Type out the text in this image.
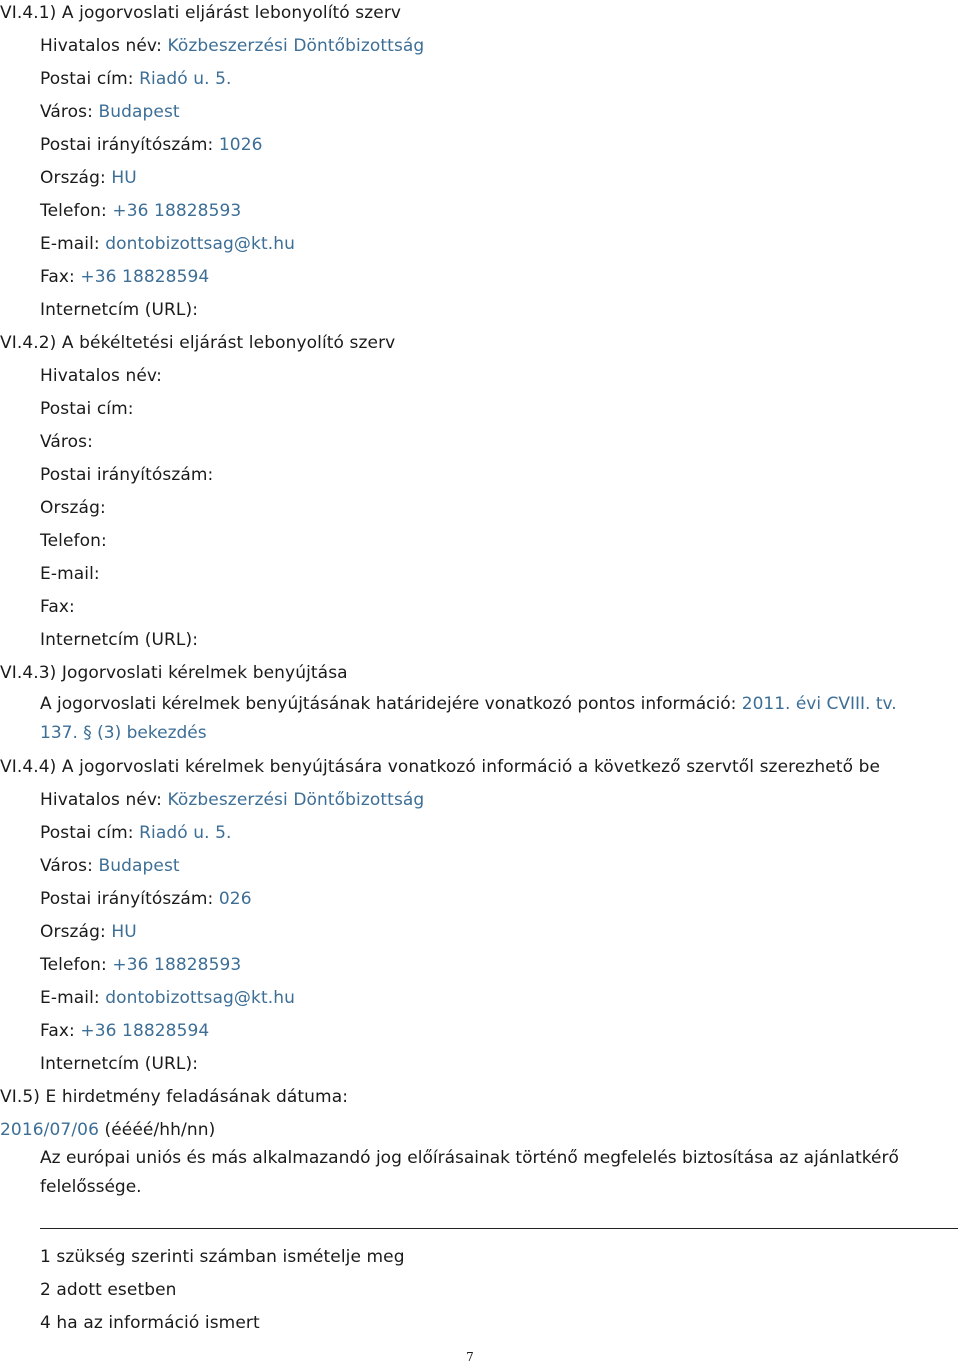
VI.4.1) A jogorvoslati eljárást lebonyolító szerv
Hivatalos név: Közbeszerzési Döntőbizottság
Postai cím: Riadó u. 5.
Város: Budapest
Postai irányítószám: 1026
Ország: HU
Telefon: +36 18828593
E-mail: dontobizottsag@kt.hu
Fax: +36 18828594
Internetcím (URL):
VI.4.2) A békéltetési eljárást lebonyolító szerv
Hivatalos név:
Postai cím:
Város:
Postai irányítószám:
Ország:
Telefon:
E-mail:
Fax:
Internetcím (URL):
VI.4.3) Jogorvoslati kérelmek benyújtása
A jogorvoslati kérelmek benyújtásának határidejére vonatkozó pontos információ: 2011. évi CVIII. tv. 137. § (3) bekezdés
VI.4.4) A jogorvoslati kérelmek benyújtására vonatkozó információ a következő szervtől szerezhető be
Hivatalos név: Közbeszerzési Döntőbizottság
Postai cím: Riadó u. 5.
Város: Budapest
Postai irányítószám: 026
Ország: HU
Telefon: +36 18828593
E-mail: dontobizottsag@kt.hu
Fax: +36 18828594
Internetcím (URL):
VI.5) E hirdetmény feladásának dátuma:
2016/07/06 (éééé/hh/nn)
Az európai uniós és más alkalmazandó jog előírásainak történő megfelelés biztosítása az ajánlatkérő felelőssége.
1 szükség szerinti számban ismételje meg
2 adott esetben
4 ha az információ ismert
7
